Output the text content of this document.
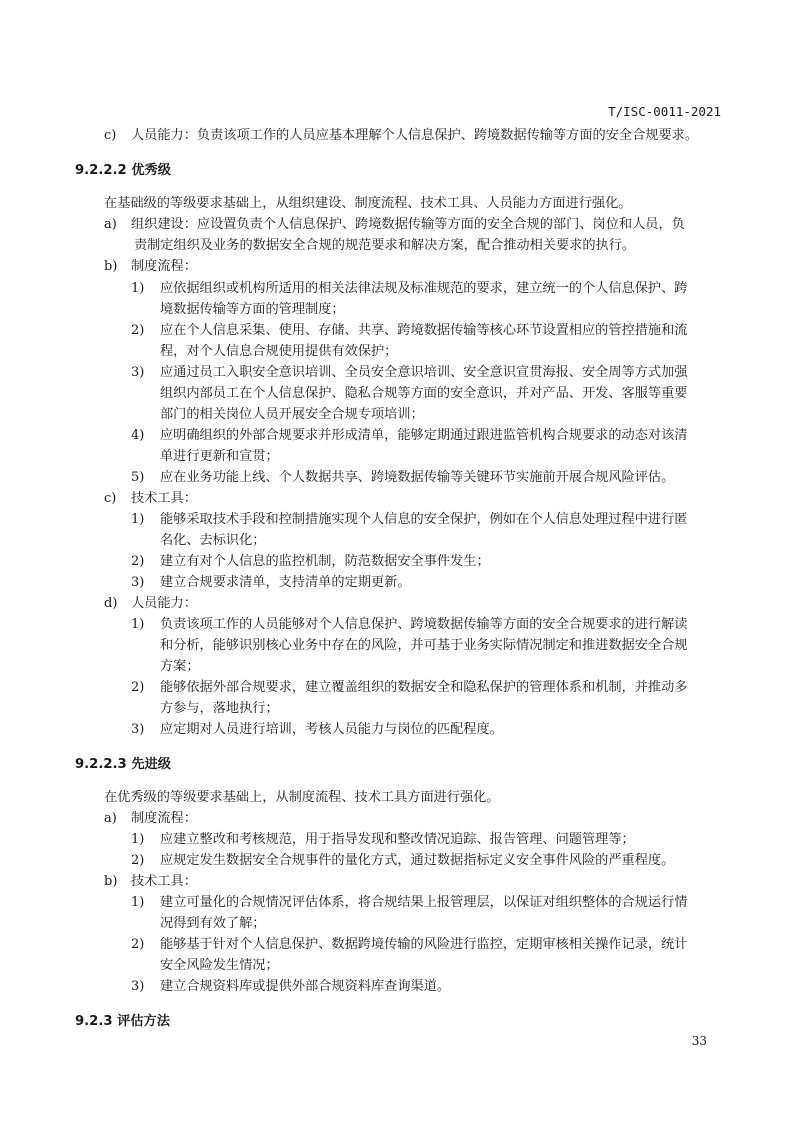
T/ISC-0011-2021
c) 人员能力：负责该项工作的人员应基本理解个人信息保护、跨境数据传输等方面的安全合规要求。
9.2.2.2 优秀级
在基础级的等级要求基础上，从组织建设、制度流程、技术工具、人员能力方面进行强化。
a) 组织建设：应设置负责个人信息保护、跨境数据传输等方面的安全合规的部门、岗位和人员，负
责制定组织及业务的数据安全合规的规范要求和解决方案，配合推动相关要求的执行。
b) 制度流程：
1) 应依据组织或机构所适用的相关法律法规及标准规范的要求，建立统一的个人信息保护、跨
境数据传输等方面的管理制度；
2) 应在个人信息采集、使用、存储、共享、跨境数据传输等核心环节设置相应的管控措施和流
程，对个人信息合规使用提供有效保护；
3) 应通过员工入职安全意识培训、全员安全意识培训、安全意识宣贯海报、安全周等方式加强
组织内部员工在个人信息保护、隐私合规等方面的安全意识，并对产品、开发、客服等重要
部门的相关岗位人员开展安全合规专项培训；
4) 应明确组织的外部合规要求并形成清单，能够定期通过跟进监管机构合规要求的动态对该清
单进行更新和宣贯；
5) 应在业务功能上线、个人数据共享、跨境数据传输等关键环节实施前开展合规风险评估。
c) 技术工具：
1) 能够采取技术手段和控制措施实现个人信息的安全保护，例如在个人信息处理过程中进行匿
名化、去标识化；
2) 建立有对个人信息的监控机制，防范数据安全事件发生；
3) 建立合规要求清单，支持清单的定期更新。
d) 人员能力：
1) 负责该项工作的人员能够对个人信息保护、跨境数据传输等方面的安全合规要求的进行解读
和分析，能够识别核心业务中存在的风险，并可基于业务实际情况制定和推进数据安全合规
方案；
2) 能够依据外部合规要求，建立覆盖组织的数据安全和隐私保护的管理体系和机制，并推动多
方参与，落地执行；
3) 应定期对人员进行培训，考核人员能力与岗位的匹配程度。
9.2.2.3 先进级
在优秀级的等级要求基础上，从制度流程、技术工具方面进行强化。
a) 制度流程：
1) 应建立整改和考核规范，用于指导发现和整改情况追踪、报告管理、问题管理等；
2) 应规定发生数据安全合规事件的量化方式，通过数据指标定义安全事件风险的严重程度。
b) 技术工具：
1) 建立可量化的合规情况评估体系，将合规结果上报管理层，以保证对组织整体的合规运行情
况得到有效了解；
2) 能够基于针对个人信息保护、数据跨境传输的风险进行监控，定期审核相关操作记录，统计
安全风险发生情况；
3) 建立合规资料库或提供外部合规资料库查询渠道。
9.2.3 评估方法
33
